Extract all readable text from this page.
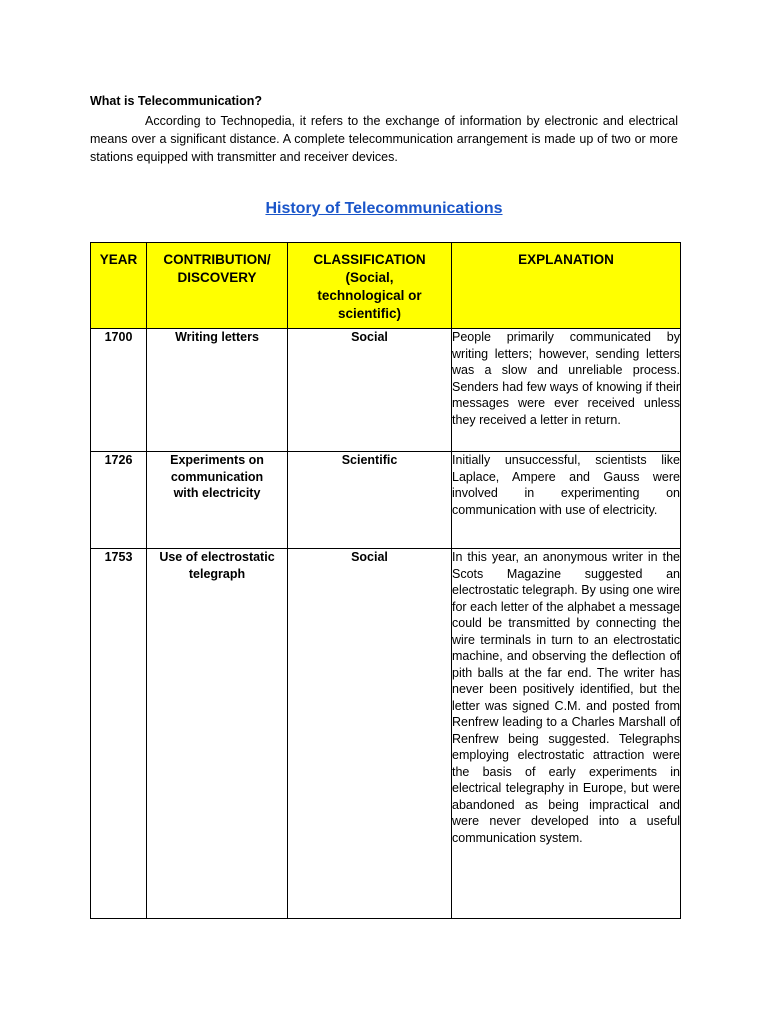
What is Telecommunication?

According to Technopedia, it refers to the exchange of information by electronic and electrical means over a significant distance. A complete telecommunication arrangement is made up of two or more stations equipped with transmitter and receiver devices.

History of Telecommunications
YEAR	CONTRIBUTION/ DISCOVERY	CLASSIFICATION (Social, technological or scientific)	EXPLANATION
1700	Writing letters	Social	People primarily communicated by writing letters; however, sending letters was a slow and unreliable process. Senders had few ways of knowing if their messages were ever received unless they received a letter in return.
1726	Experiments on communication with electricity	Scientific	Initially unsuccessful, scientists like Laplace, Ampere and Gauss were involved in experimenting on communication with use of electricity.
1753	Use of electrostatic telegraph	Social	In this year, an anonymous writer in the Scots Magazine suggested an electrostatic telegraph. By using one wire for each letter of the alphabet a message could be transmitted by connecting the wire terminals in turn to an electrostatic machine, and observing the deflection of pith balls at the far end. The writer has never been positively identified, but the letter was signed C.M. and posted from Renfrew leading to a Charles Marshall of Renfrew being suggested. Telegraphs employing electrostatic attraction were the basis of early experiments in electrical telegraphy in Europe, but were abandoned as being impractical and were never developed into a useful communication system.
